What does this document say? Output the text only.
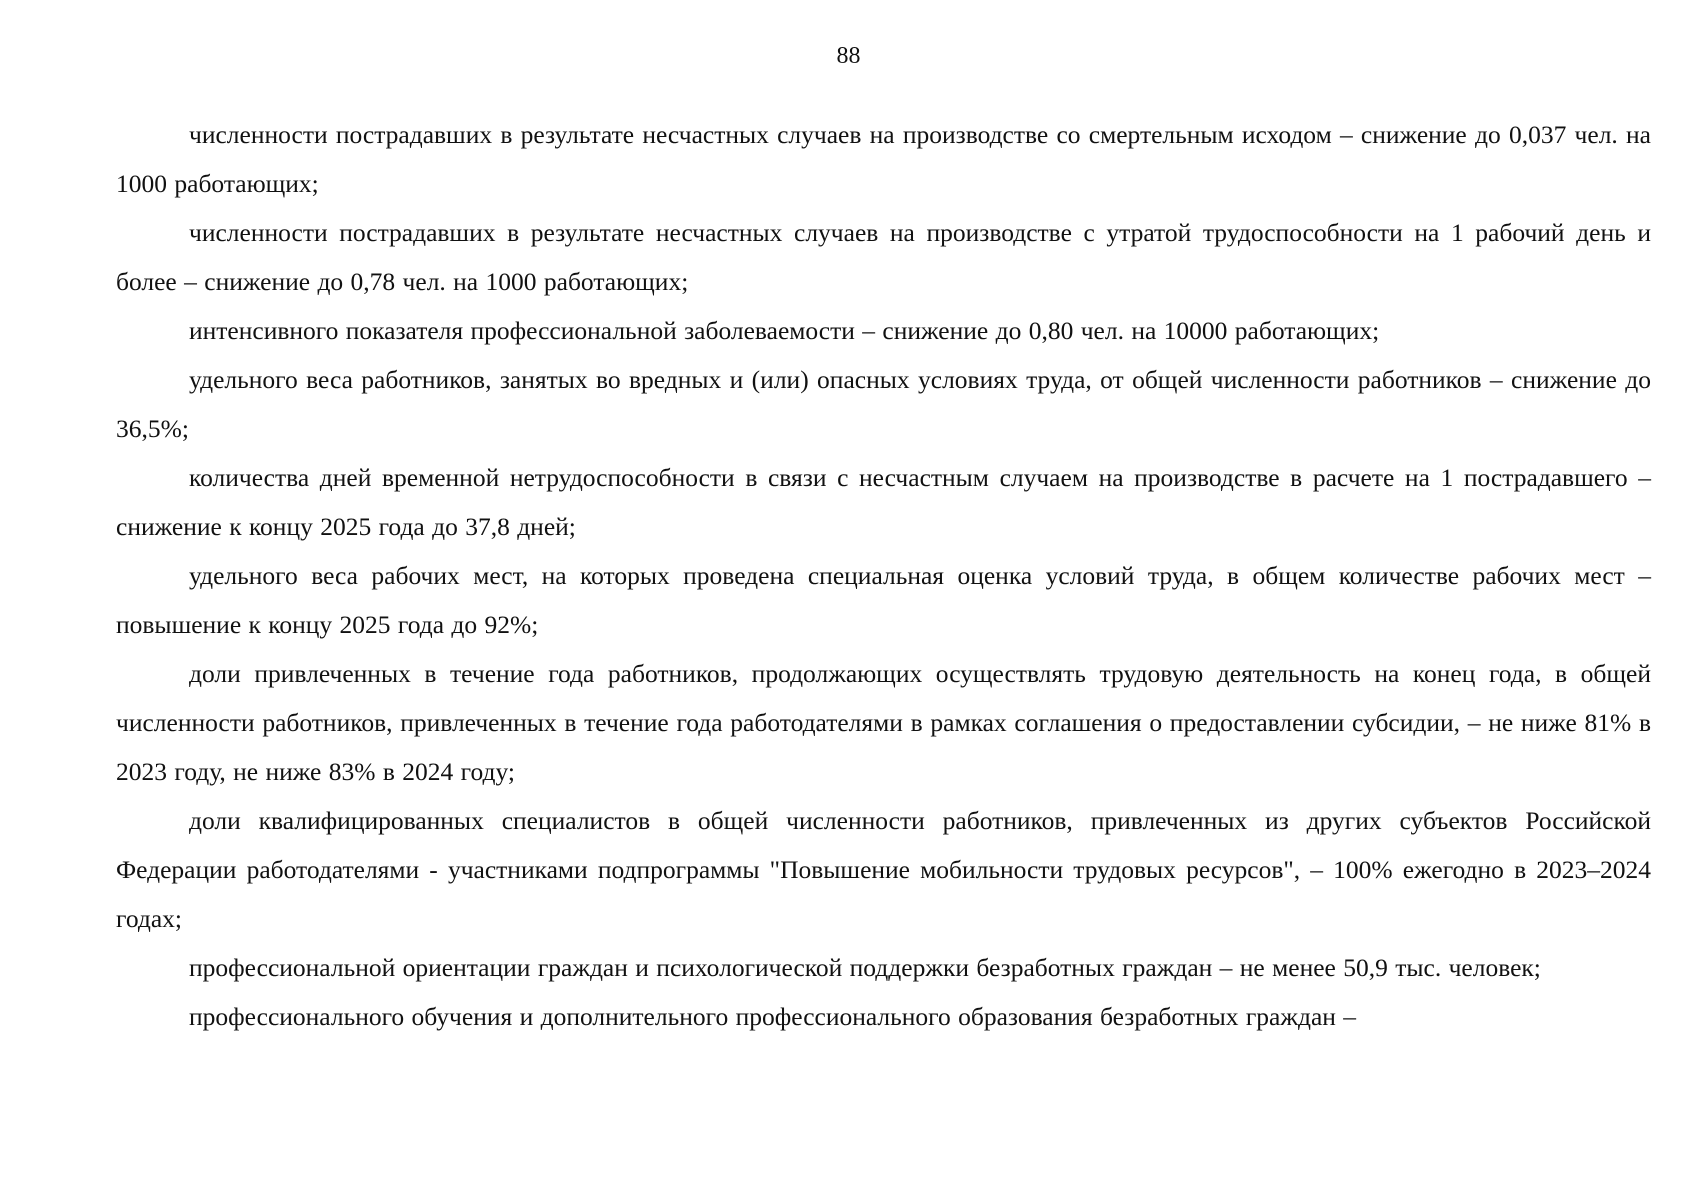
88

численности пострадавших в результате несчастных случаев на производстве со смертельным исходом – снижение до 0,037 чел. на 1000 работающих;

численности пострадавших в результате несчастных случаев на производстве с утратой трудоспособности на 1 рабочий день и более – снижение до 0,78 чел. на 1000 работающих;

интенсивного показателя профессиональной заболеваемости – снижение до 0,80 чел. на 10000 работающих;

удельного веса работников, занятых во вредных и (или) опасных условиях труда, от общей численности работников – снижение до 36,5%;

количества дней временной нетрудоспособности в связи с несчастным случаем на производстве в расчете на 1 пострадавшего – снижение к концу 2025 года до 37,8 дней;

удельного веса рабочих мест, на которых проведена специальная оценка условий труда, в общем количестве рабочих мест – повышение к концу 2025 года до 92%;

доли привлеченных в течение года работников, продолжающих осуществлять трудовую деятельность на конец года, в общей численности работников, привлеченных в течение года работодателями в рамках соглашения о предоставлении субсидии, – не ниже 81% в 2023 году, не ниже 83% в 2024 году;

доли квалифицированных специалистов в общей численности работников, привлеченных из других субъектов Российской Федерации работодателями - участниками подпрограммы "Повышение мобильности трудовых ресурсов", – 100% ежегодно в 2023–2024 годах;

профессиональной ориентации граждан и психологической поддержки безработных граждан – не менее 50,9 тыс. человек;

профессионального обучения и дополнительного профессионального образования безработных граждан –
